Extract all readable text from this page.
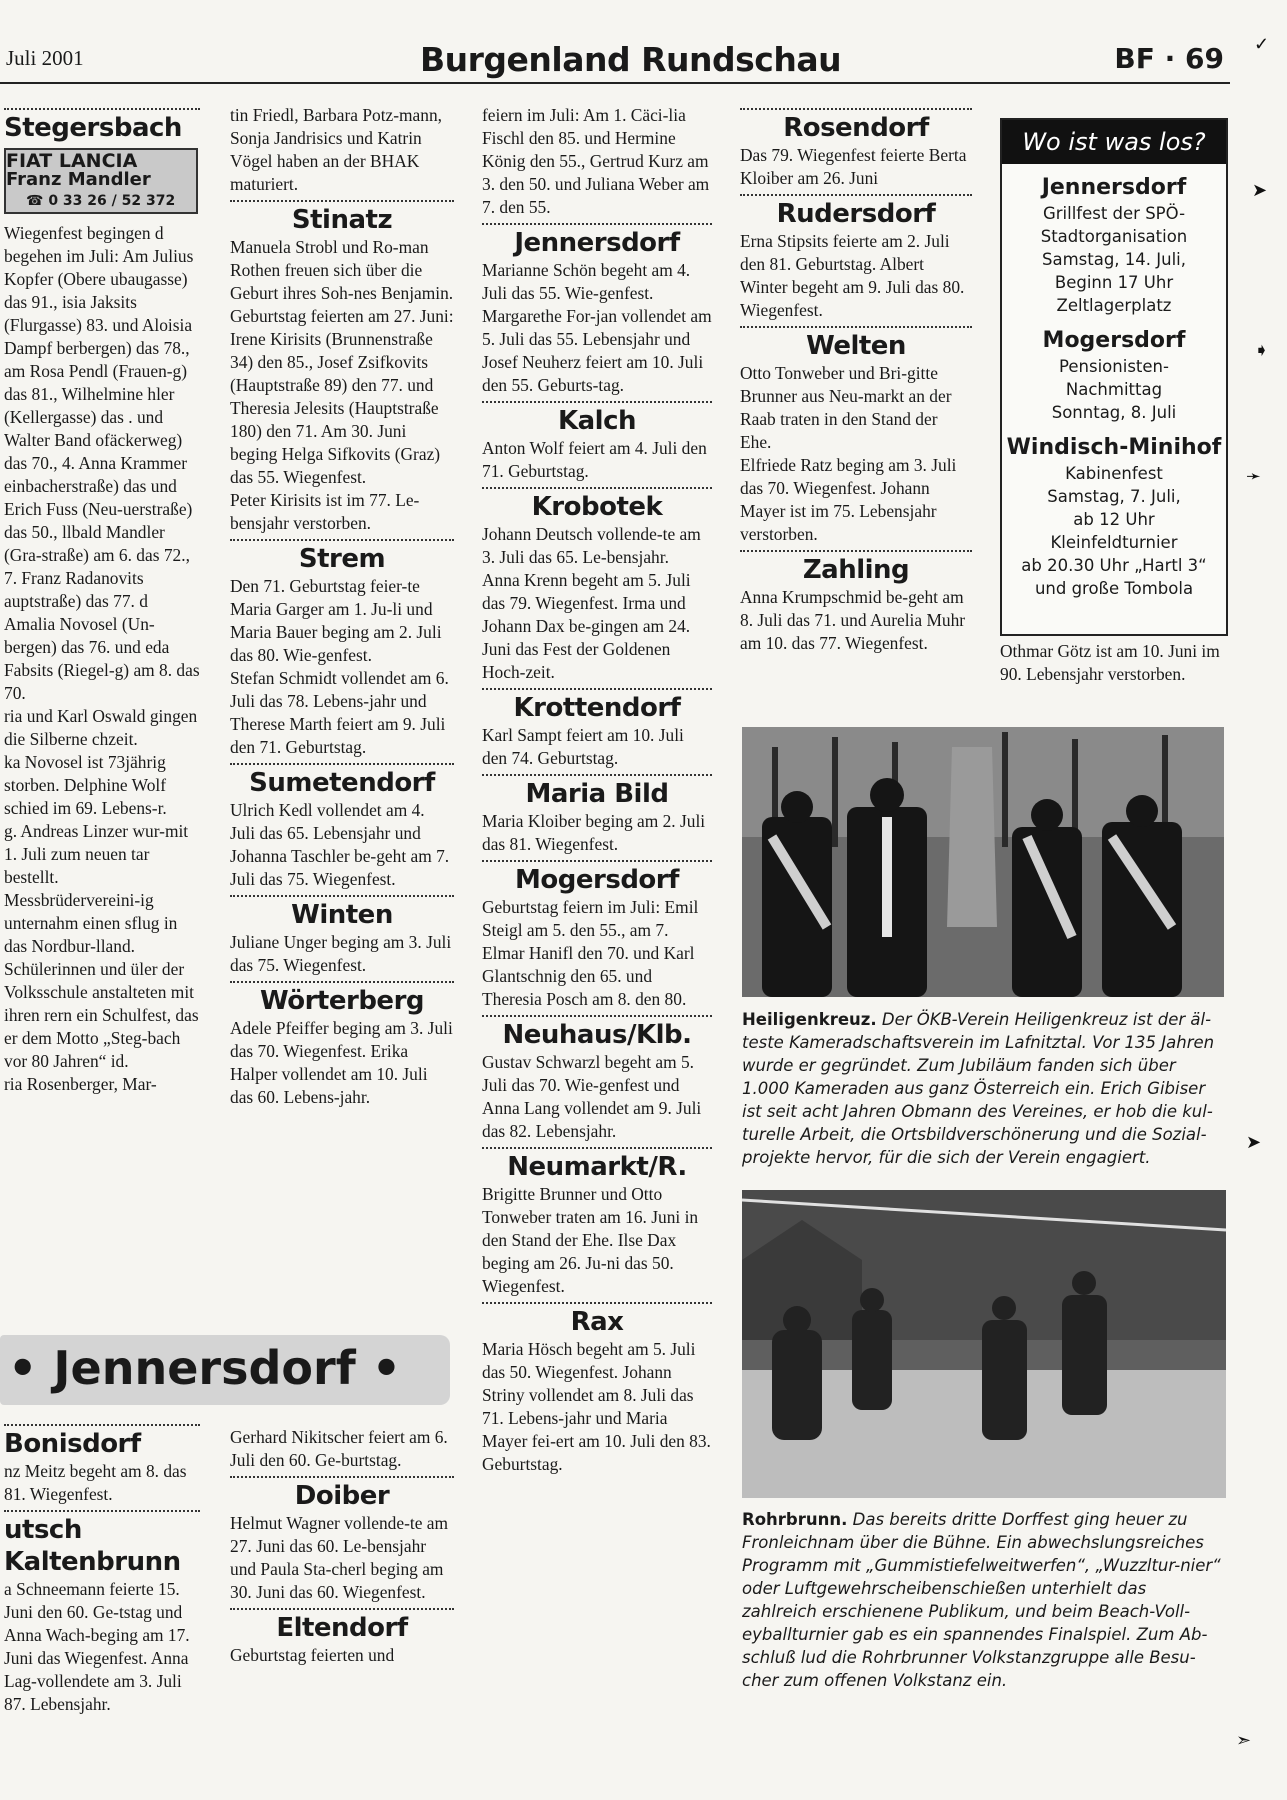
Juli 2001	Burgenland Rundschau	BF · 69
Stegersbach
FIAT LANCIA
Franz Mandler
☎ 0 33 26 / 52 372

Wiegenfest begingen d begehen im Juli: Am Julius Kopfer (Obere ubaugasse) das 91., isia Jaksits (Flurgasse) 83. und Aloisia Dampf berbergen) das 78., am Rosa Pendl (Frauen-g) das 81., Wilhelmine hler (Kellergasse) das . und Walter Band ofäckerweg) das 70., 4. Anna Krammer einbacherstraße) das und Erich Fuss (Neu-uerstraße) das 50., llbald Mandler (Gra-straße) am 6. das 72., 7. Franz Radanovits auptstraße) das 77. d Amalia Novosel (Un-bergen) das 76. und eda Fabsits (Riegel-g) am 8. das 70.

ria und Karl Oswald gingen die Silberne chzeit.

ka Novosel ist 73jährig storben. Delphine Wolf schied im 69. Lebens-r.

g. Andreas Linzer wur-mit 1. Juli zum neuen tar bestellt.

Messbrüdervereini-ig unternahm einen sflug in das Nordbur-lland.

Schülerinnen und üler der Volksschule anstalteten mit ihren rern ein Schulfest, das er dem Motto „Steg-bach vor 80 Jahren“ id.

ria Rosenberger, Mar-

tin Friedl, Barbara Potz-mann, Sonja Jandrisics und Katrin Vögel haben an der BHAK maturiert.

Stinatz

Manuela Strobl und Ro-man Rothen freuen sich über die Geburt ihres Soh-nes Benjamin. Geburtstag feierten am 27. Juni: Irene Kirisits (Brunnenstraße 34) den 85., Josef Zsifkovits (Hauptstraße 89) den 77. und Theresia Jelesits (Hauptstraße 180) den 71. Am 30. Juni beging Helga Sifkovits (Graz) das 55. Wiegenfest.

Peter Kirisits ist im 77. Le-bensjahr verstorben.

Strem

Den 71. Geburtstag feier-te Maria Garger am 1. Ju-li und Maria Bauer beging am 2. Juli das 80. Wie-genfest.

Stefan Schmidt vollendet am 6. Juli das 78. Lebens-jahr und Therese Marth feiert am 9. Juli den 71. Geburtstag.

Sumetendorf

Ulrich Kedl vollendet am 4. Juli das 65. Lebensjahr und Johanna Taschler be-geht am 7. Juli das 75. Wiegenfest.

Winten

Juliane Unger beging am 3. Juli das 75. Wiegenfest.

Wörterberg

Adele Pfeiffer beging am 3. Juli das 70. Wiegenfest. Erika Halper vollendet am 10. Juli das 60. Lebens-jahr.

• Jennersdorf •
Bonisdorf

nz Meitz begeht am 8. das 81. Wiegenfest.

utsch Kaltenbrunn

a Schneemann feierte 15. Juni den 60. Ge-tstag und Anna Wach-beging am 17. Juni das Wiegenfest. Anna Lag-vollendete am 3. Juli 87. Lebensjahr.

Gerhard Nikitscher feiert am 6. Juli den 60. Ge-burtstag.

Doiber

Helmut Wagner vollende-te am 27. Juni das 60. Le-bensjahr und Paula Sta-cherl beging am 30. Juni das 60. Wiegenfest.

Eltendorf

Geburtstag feierten und

feiern im Juli: Am 1. Cäci-lia Fischl den 85. und Hermine König den 55., Gertrud Kurz am 3. den 50. und Juliana Weber am 7. den 55.

Jennersdorf

Marianne Schön begeht am 4. Juli das 55. Wie-genfest. Margarethe For-jan vollendet am 5. Juli das 55. Lebensjahr und Josef Neuherz feiert am 10. Juli den 55. Geburts-tag.

Kalch

Anton Wolf feiert am 4. Juli den 71. Geburtstag.

Krobotek

Johann Deutsch vollende-te am 3. Juli das 65. Le-bensjahr.

Anna Krenn begeht am 5. Juli das 79. Wiegenfest. Irma und Johann Dax be-gingen am 24. Juni das Fest der Goldenen Hoch-zeit.

Krottendorf

Karl Sampt feiert am 10. Juli den 74. Geburtstag.

Maria Bild

Maria Kloiber beging am 2. Juli das 81. Wiegenfest.

Mogersdorf

Geburtstag feiern im Juli: Emil Steigl am 5. den 55., am 7. Elmar Hanifl den 70. und Karl Glantschnig den 65. und Theresia Posch am 8. den 80.

Neuhaus/Klb.

Gustav Schwarzl begeht am 5. Juli das 70. Wie-genfest und Anna Lang vollendet am 9. Juli das 82. Lebensjahr.

Neumarkt/R.

Brigitte Brunner und Otto Tonweber traten am 16. Juni in den Stand der Ehe. Ilse Dax beging am 26. Ju-ni das 50. Wiegenfest.

Rax

Maria Hösch begeht am 5. Juli das 50. Wiegenfest. Johann Striny vollendet am 8. Juli das 71. Lebens-jahr und Maria Mayer fei-ert am 10. Juli den 83. Geburtstag.

Rosendorf

Das 79. Wiegenfest feierte Berta Kloiber am 26. Juni

Rudersdorf

Erna Stipsits feierte am 2. Juli den 81. Geburtstag. Albert Winter begeht am 9. Juli das 80. Wiegenfest.

Welten

Otto Tonweber und Bri-gitte Brunner aus Neu-markt an der Raab traten in den Stand der Ehe.

Elfriede Ratz beging am 3. Juli das 70. Wiegenfest. Johann Mayer ist im 75. Lebensjahr verstorben.

Zahling

Anna Krumpschmid be-geht am 8. Juli das 71. und Aurelia Muhr am 10. das 77. Wiegenfest.

Wo ist was los?
Jennersdorf
Grillfest der SPÖ-
Stadtorganisation
Samstag, 14. Juli,
Beginn 17 Uhr
Zeltlagerplatz
Mogersdorf
Pensionisten-
Nachmittag
Sonntag, 8. Juli
Windisch-Minihof
Kabinenfest
Samstag, 7. Juli,
ab 12 Uhr
Kleinfeldturnier
ab 20.30 Uhr „Hartl 3“
und große Tombola

Othmar Götz ist am 10. Juni im 90. Lebensjahr verstorben.

Heiligenkreuz. Der ÖKB-Verein Heiligenkreuz ist der äl-teste Kameradschaftsverein im Lafnitztal. Vor 135 Jahren wurde er gegründet. Zum Jubiläum fanden sich über 1.000 Kameraden aus ganz Österreich ein. Erich Gibiser ist seit acht Jahren Obmann des Vereines, er hob die kul-turelle Arbeit, die Ortsbildverschönerung und die Sozial-projekte hervor, für die sich der Verein engagiert.
Rohrbrunn. Das bereits dritte Dorffest ging heuer zu Fronleichnam über die Bühne. Ein abwechslungsreiches Programm mit „Gummistiefelweitwerfen“, „Wuzzltur-nier“ oder Luftgewehrscheibenschießen unterhielt das zahlreich erschienene Publikum, und beim Beach-Voll-eyballturnier gab es ein spannendes Finalspiel. Zum Ab-schluß lud die Rohrbrunner Volkstanzgruppe alle Besu-cher zum offenen Volkstanz ein.
✓
➤
➧
➛
➤
➣
